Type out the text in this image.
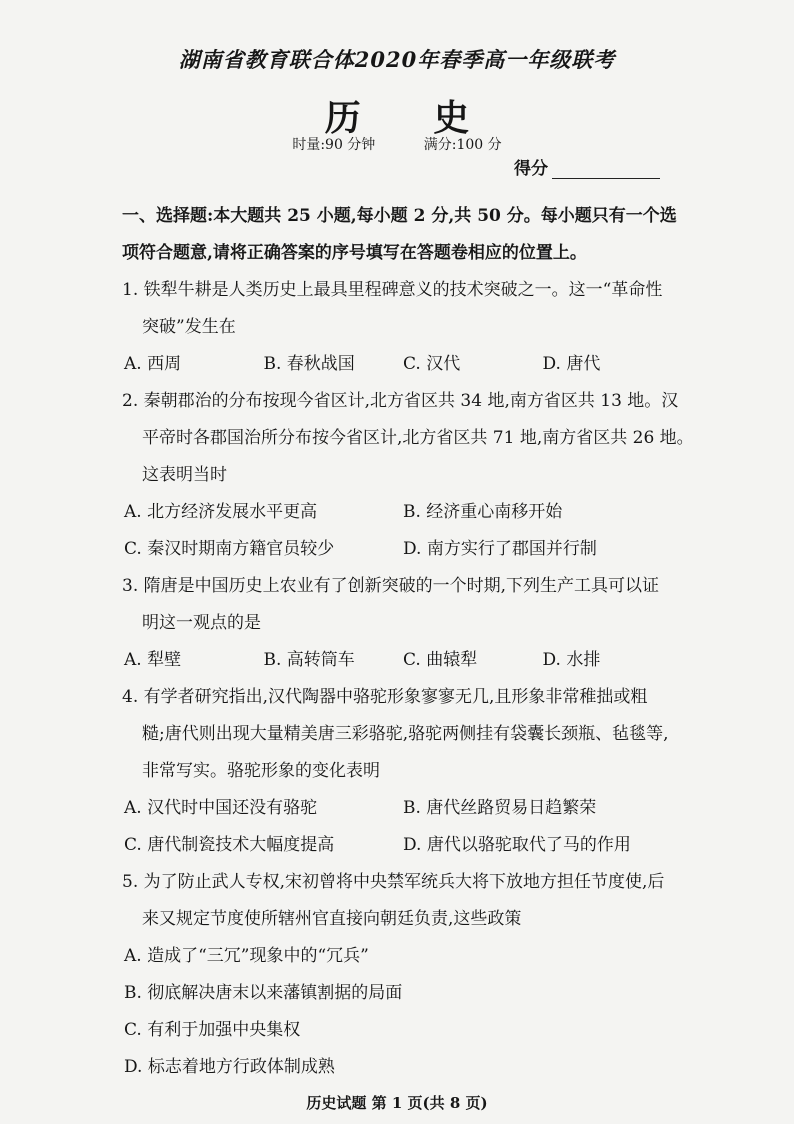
湖南省教育联合体2020年春季高一年级联考
历 史
时量:90 分钟	满分:100 分
得分
一、选择题:本大题共 25 小题,每小题 2 分,共 50 分。每小题只有一个选
项符合题意,请将正确答案的序号填写在答题卷相应的位置上。
1. 铁犁牛耕是人类历史上最具里程碑意义的技术突破之一。这一“革命性
突破”发生在
A. 西周	B. 春秋战国	C. 汉代	D. 唐代
2. 秦朝郡治的分布按现今省区计,北方省区共 34 地,南方省区共 13 地。汉
平帝时各郡国治所分布按今省区计,北方省区共 71 地,南方省区共 26 地。
这表明当时
A. 北方经济发展水平更高	B. 经济重心南移开始
C. 秦汉时期南方籍官员较少	D. 南方实行了郡国并行制
3. 隋唐是中国历史上农业有了创新突破的一个时期,下列生产工具可以证
明这一观点的是
A. 犁壁	B. 高转筒车	C. 曲辕犁	D. 水排
4. 有学者研究指出,汉代陶器中骆驼形象寥寥无几,且形象非常稚拙或粗
糙;唐代则出现大量精美唐三彩骆驼,骆驼两侧挂有袋囊长颈瓶、毡毯等,
非常写实。骆驼形象的变化表明
A. 汉代时中国还没有骆驼	B. 唐代丝路贸易日趋繁荣
C. 唐代制瓷技术大幅度提高	D. 唐代以骆驼取代了马的作用
5. 为了防止武人专权,宋初曾将中央禁军统兵大将下放地方担任节度使,后
来又规定节度使所辖州官直接向朝廷负责,这些政策
A. 造成了“三冗”现象中的“冗兵”
B. 彻底解决唐末以来藩镇割据的局面
C. 有利于加强中央集权
D. 标志着地方行政体制成熟
历史试题 第 1 页(共 8 页)
